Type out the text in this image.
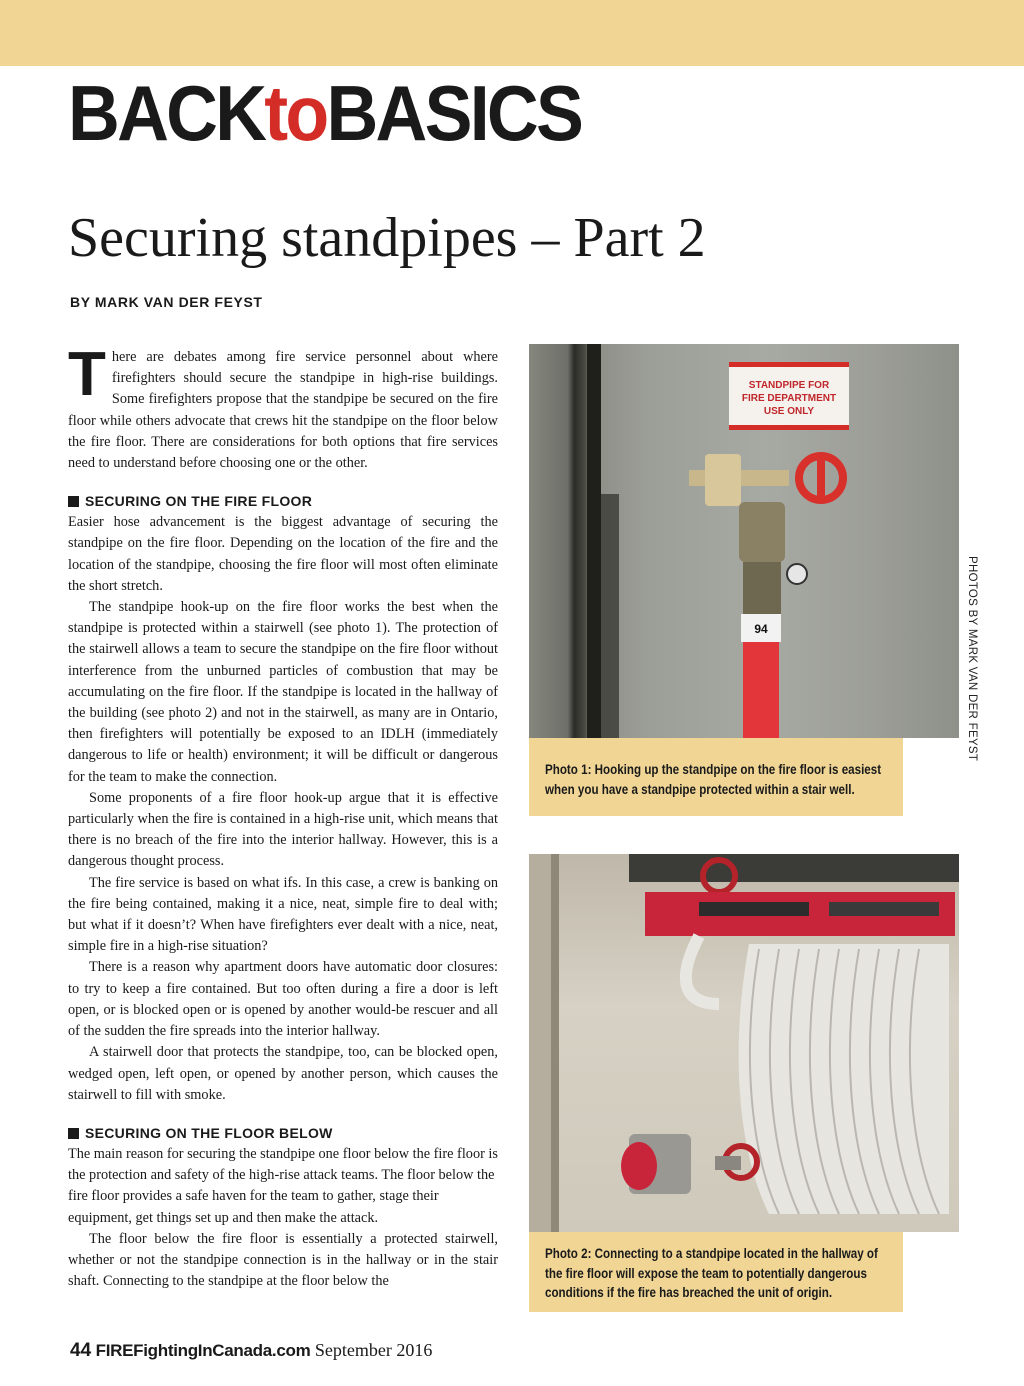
BACKtoBASICS
Securing standpipes – Part 2
BY MARK VAN DER FEYST

There are debates among fire service personnel about where firefighters should secure the standpipe in high-rise buildings. Some firefighters propose that the standpipe be secured on the fire floor while others advocate that crews hit the standpipe on the floor below the fire floor. There are considerations for both options that fire services need to understand before choosing one or the other.

SECURING ON THE FIRE FLOOR

Easier hose advancement is the biggest advantage of securing the standpipe on the fire floor. Depending on the location of the fire and the location of the standpipe, choosing the fire floor will most often eliminate the short stretch.

The standpipe hook-up on the fire floor works the best when the standpipe is protected within a stairwell (see photo 1). The protection of the stairwell allows a team to secure the standpipe on the fire floor without interference from the unburned particles of combustion that may be accumulating on the fire floor. If the standpipe is located in the hallway of the building (see photo 2) and not in the stairwell, as many are in Ontario, then firefighters will potentially be exposed to an IDLH (immediately dangerous to life or health) environment; it will be difficult or dangerous for the team to make the connection.

Some proponents of a fire floor hook-up argue that it is effective particularly when the fire is contained in a high-rise unit, which means that there is no breach of the fire into the interior hallway. However, this is a dangerous thought process.

The fire service is based on what ifs. In this case, a crew is banking on the fire being contained, making it a nice, neat, simple fire to deal with; but what if it doesn’t? When have firefighters ever dealt with a nice, neat, simple fire in a high-rise situation?

There is a reason why apartment doors have automatic door closures: to try to keep a fire contained. But too often during a fire a door is left open, or is blocked open or is opened by another would-be rescuer and all of the sudden the fire spreads into the interior hallway.

A stairwell door that protects the standpipe, too, can be blocked open, wedged open, left open, or opened by another person, which causes the stairwell to fill with smoke.

SECURING ON THE FLOOR BELOW

The main reason for securing the standpipe one floor below the fire floor is the protection and safety of the high-rise attack teams. The floor below the fire floor provides a safe haven for the team to gather, stage their equipment, get things set up and then make the attack.

The floor below the fire floor is essentially a protected stairwell, whether or not the standpipe connection is in the hallway or in the stair shaft. Connecting to the standpipe at the floor below the

STANDPIPE FOR
FIRE DEPARTMENT
USE ONLY
94
Photo 1: Hooking up the standpipe on the fire floor is easiest when you have a standpipe protected within a stair well.
PHOTOS BY MARK VAN DER FEYST
Photo 2: Connecting to a standpipe located in the hallway of the fire floor will expose the team to potentially dangerous conditions if the fire has breached the unit of origin.
44 FIREFightingInCanada.com September 2016
